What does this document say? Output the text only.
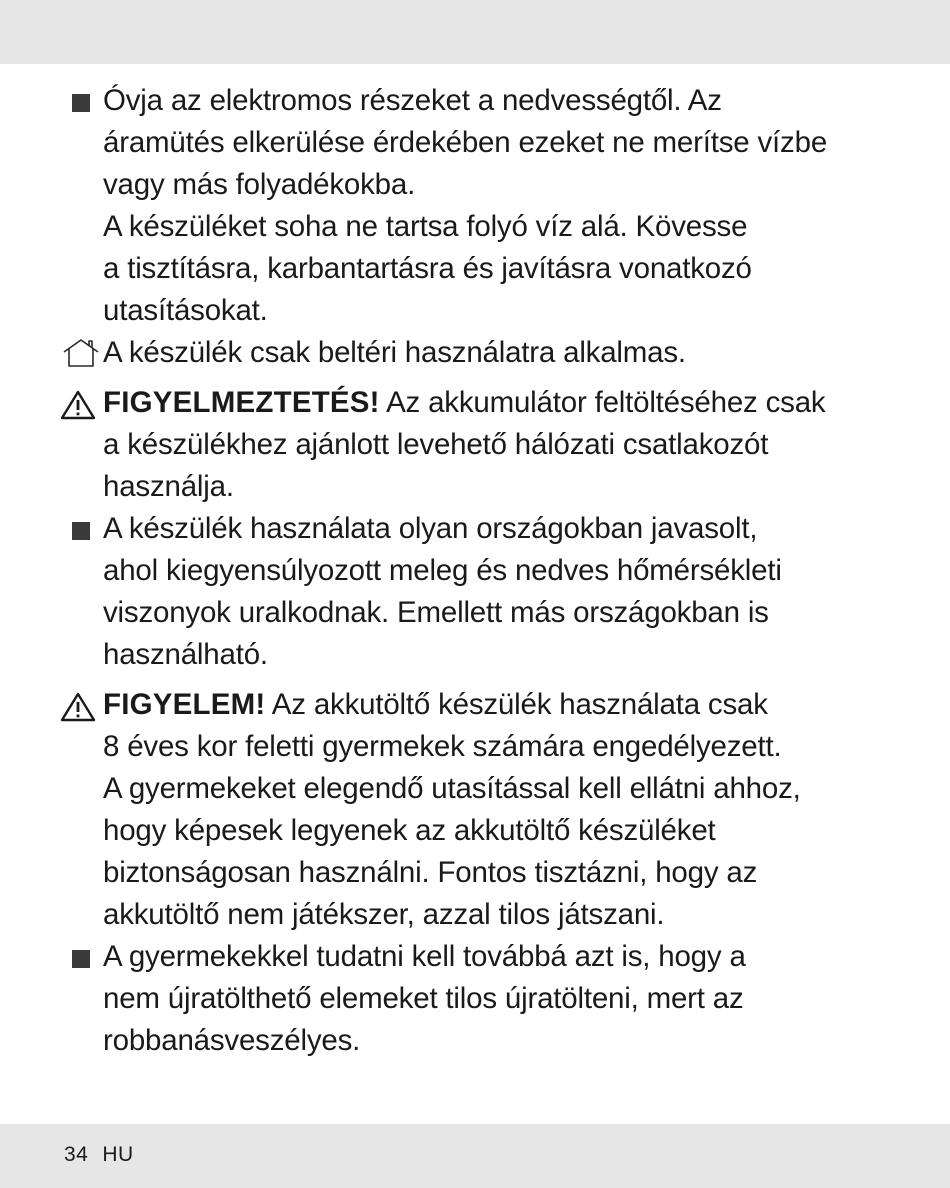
Óvja az elektromos részeket a nedvességtől. Az
áramütés elkerülése érdekében ezeket ne merítse vízbe
vagy más folyadékokba.
A készüléket soha ne tartsa folyó víz alá. Kövesse
a tisztításra, karbantartásra és javításra vonatkozó
utasításokat.
A készülék csak beltéri használatra alkalmas.
FIGYELMEZTETÉS! Az akkumulátor feltöltéséhez csak
a készülékhez ajánlott levehető hálózati csatlakozót
használja.
A készülék használata olyan országokban javasolt,
ahol kiegyensúlyozott meleg és nedves hőmérsékleti
viszonyok uralkodnak. Emellett más országokban is
használható.
FIGYELEM! Az akkutöltő készülék használata csak
8 éves kor feletti gyermekek számára engedélyezett.
A gyermekeket elegendő utasítással kell ellátni ahhoz,
hogy képesek legyenek az akkutöltő készüléket
biztonságosan használni. Fontos tisztázni, hogy az
akkutöltő nem játékszer, azzal tilos játszani.
A gyermekekkel tudatni kell továbbá azt is, hogy a
nem újratölthető elemeket tilos újratölteni, mert az
robbanásveszélyes.
34 HU
